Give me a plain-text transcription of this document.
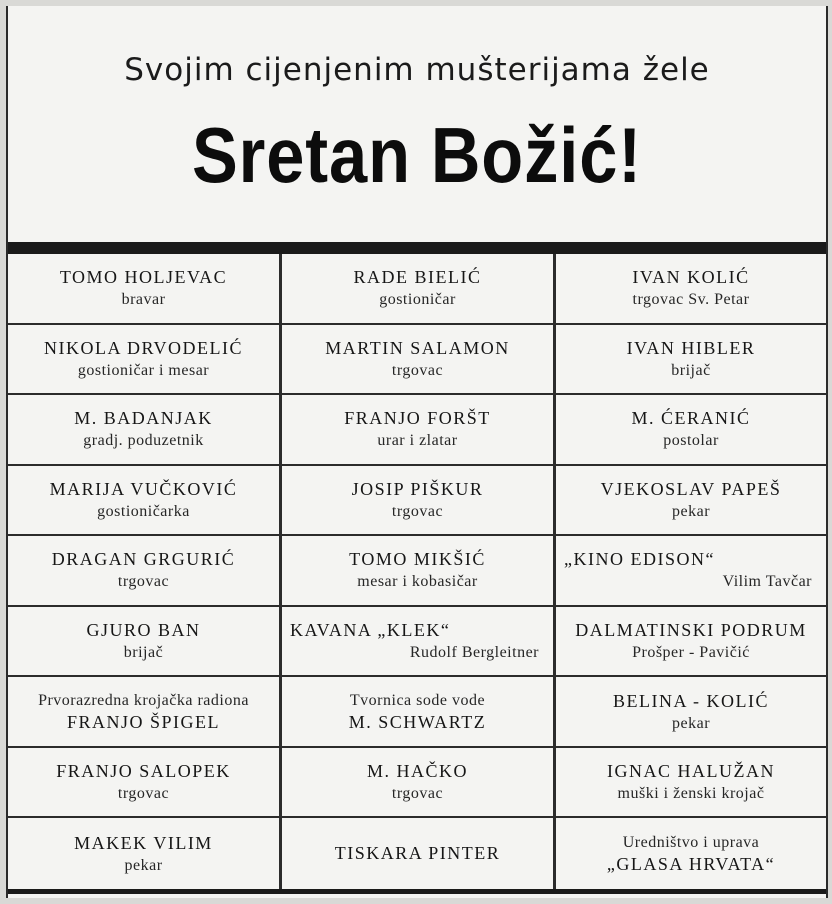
Svojim cijenjenim mušterijama žele
Sretan Božić!
TOMO HOLJEVAC
bravar
RADE BIELIĆ
gostioničar
IVAN KOLIĆ
trgovac Sv. Petar
NIKOLA DRVODELIĆ
gostioničar i mesar
MARTIN SALAMON
trgovac
IVAN HIBLER
brijač
M. BADANJAK
gradj. poduzetnik
FRANJO FORŠT
urar i zlatar
M. ĆERANIĆ
postolar
MARIJA VUČKOVIĆ
gostioničarka
JOSIP PIŠKUR
trgovac
VJEKOSLAV PAPEŠ
pekar
DRAGAN GRGURIĆ
trgovac
TOMO MIKŠIĆ
mesar i kobasičar
„KINO EDISON“
Vilim Tavčar
GJURO BAN
brijač
KAVANA „KLEK“
Rudolf Bergleitner
DALMATINSKI PODRUM
Prošper - Pavičić
Prvorazredna krojačka radiona
FRANJO ŠPIGEL
Tvornica sode vode
M. SCHWARTZ
BELINA - KOLIĆ
pekar
FRANJO SALOPEK
trgovac
M. HAČKO
trgovac
IGNAC HALUŽAN
muški i ženski krojač
MAKEK VILIM
pekar
TISKARA PINTER
Uredništvo i uprava
„GLASA HRVATA“
